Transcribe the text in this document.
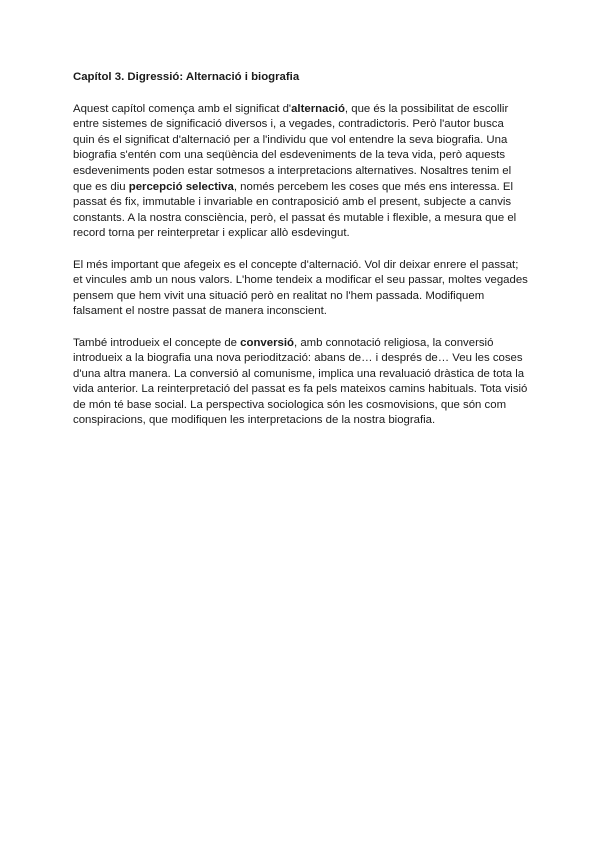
Capítol 3. Digressió: Alternació i biografia

Aquest capítol comença amb el significat d'alternació, que és la possibilitat de escollir entre sistemes de significació diversos i, a vegades, contradictoris. Però l'autor busca quin és el significat d'alternació per a l'individu que vol entendre la seva biografia. Una biografia s'entén com una seqüència del esdeveniments de la teva vida, però aquests esdeveniments poden estar sotmesos a interpretacions alternatives. Nosaltres tenim el que es diu percepció selectiva, només percebem les coses que més ens interessa. El passat és fix, immutable i invariable en contraposició amb el present, subjecte a canvis constants. A la nostra consciència, però, el passat és mutable i flexible, a mesura que el record torna per reinterpretar i explicar allò esdevingut.

El més important que afegeix es el concepte d'alternació. Vol dir deixar enrere el passat; et vincules amb un nous valors. L'home tendeix a modificar el seu passar, moltes vegades pensem que hem vivit una situació però en realitat no l'hem passada. Modifiquem falsament el nostre passat de manera inconscient.

També introdueix el concepte de conversió, amb connotació religiosa, la conversió introdueix a la biografia una nova periodització: abans de… i després de… Veu les coses d'una altra manera. La conversió al comunisme, implica una revaluació dràstica de tota la vida anterior. La reinterpretació del passat es fa pels mateixos camins habituals. Tota visió de món té base social. La perspectiva sociologica són les cosmovisions, que són com conspiracions, que modifiquen les interpretacions de la nostra biografia.
